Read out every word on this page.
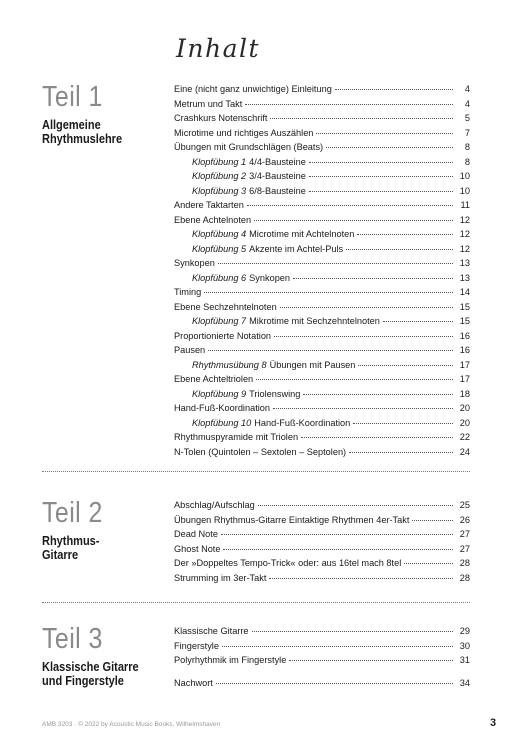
Inhalt
Teil 1
Allgemeine
Rhythmuslehre
Eine (nicht ganz unwichtige) Einleitung	4
Metrum und Takt	4
Crashkurs Notenschrift	5
Microtime und richtiges Auszählen	7
Übungen mit Grundschlägen (Beats)	8
Klopfübung 1 4/4-Bausteine	8
Klopfübung 2 3/4-Bausteine	10
Klopfübung 3 6/8-Bausteine	10
Andere Taktarten	11
Ebene Achtelnoten	12
Klopfübung 4 Microtime mit Achtelnoten	12
Klopfübung 5 Akzente im Achtel-Puls	12
Synkopen	13
Klopfübung 6 Synkopen	13
Timing	14
Ebene Sechzehntelnoten	15
Klopfübung 7 Mikrotime mit Sechzehntelnoten	15
Proportionierte Notation	16
Pausen	16
Rhythmusübung 8 Übungen mit Pausen	17
Ebene Achteltriolen	17
Klopfübung 9 Triolenswing	18
Hand-Fuß-Koordination	20
Klopfübung 10 Hand-Fuß-Koordination	20
Rhythmuspyramide mit Triolen	22
N-Tolen (Quintolen – Sextolen – Septolen)	24
Teil 2
Rhythmus-
Gitarre
Abschlag/Aufschlag	25
Übungen Rhythmus-Gitarre Eintaktige Rhythmen 4er-Takt	26
Dead Note	27
Ghost Note	27
Der »Doppeltes Tempo-Trick« oder: aus 16tel mach 8tel	28
Strumming im 3er-Takt	28
Teil 3
Klassische Gitarre
und Fingerstyle
Klassische Gitarre	29
Fingerstyle	30
Polyrhythmik im Fingerstyle	31
Nachwort	34
AMB 3203 · © 2022 by Acoustic Music Books, Wilhelmshaven	3
